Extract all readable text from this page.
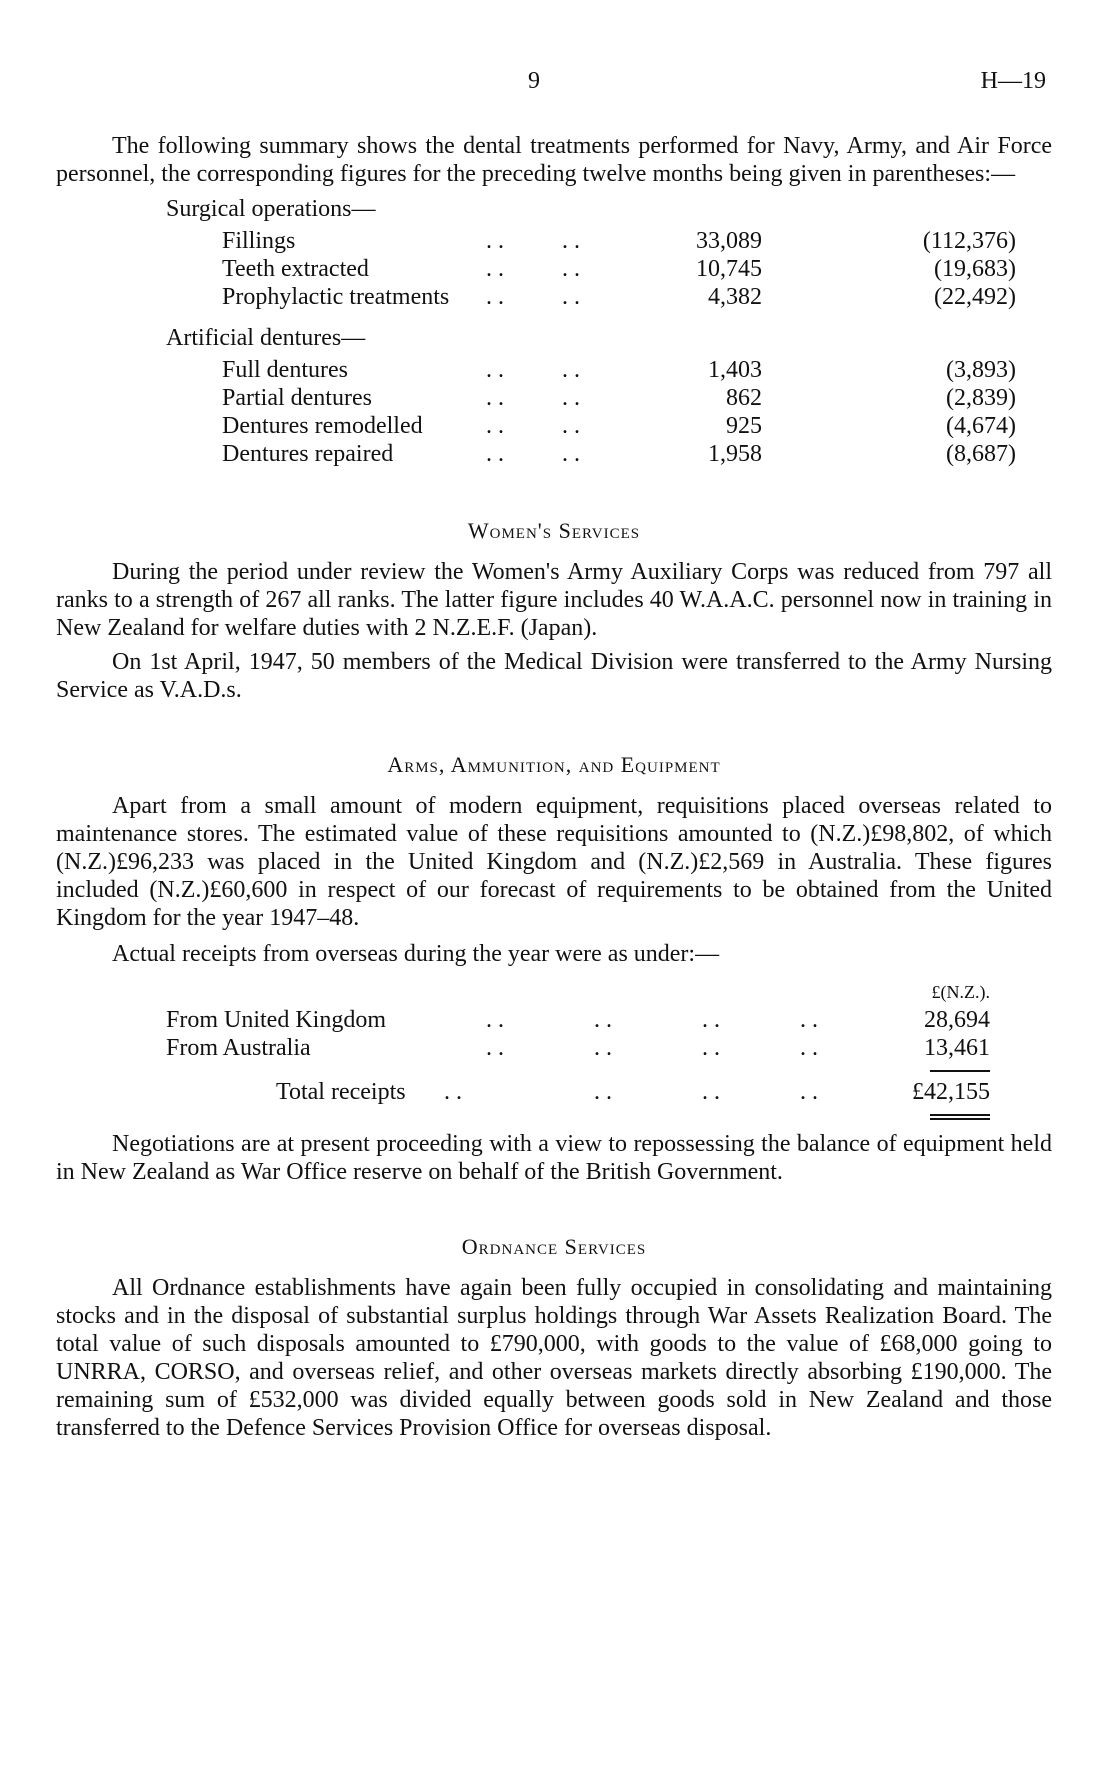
9	H—19

The following summary shows the dental treatments performed for Navy, Army, and Air Force personnel, the corresponding figures for the preceding twelve months being given in parentheses:—

Surgical operations—
Fillings	. . . .	33,089	(112,376)
Teeth extracted	. . . .	10,745	(19,683)
Prophylactic treatments . . . .	4,382	(22,492)
Artificial dentures—
Full dentures	. . . .	1,403	(3,893)
Partial dentures	. . . .	862	(2,839)
Dentures remodelled	. . . .	925	(4,674)
Dentures repaired	. . . .	1,958	(8,687)
Women's Services

During the period under review the Women's Army Auxiliary Corps was reduced from 797 all ranks to a strength of 267 all ranks. The latter figure includes 40 W.A.A.C. personnel now in training in New Zealand for welfare duties with 2 N.Z.E.F. (Japan).

On 1st April, 1947, 50 members of the Medical Division were transferred to the Army Nursing Service as V.A.D.s.

Arms, Ammunition, and Equipment

Apart from a small amount of modern equipment, requisitions placed overseas related to maintenance stores. The estimated value of these requisitions amounted to (N.Z.)£98,802, of which (N.Z.)£96,233 was placed in the United Kingdom and (N.Z.)£2,569 in Australia. These figures included (N.Z.)£60,600 in respect of our forecast of requirements to be obtained from the United Kingdom for the year 1947–48.

Actual receipts from overseas during the year were as under:—

£(N.Z.).
From United Kingdom	. .	. .	. .	. .	28,694
From Australia	. .	. .	. .	. .	13,461
Total receipts . .	. .	. .	. .	£42,155

Negotiations are at present proceeding with a view to repossessing the balance of equipment held in New Zealand as War Office reserve on behalf of the British Government.

Ordnance Services

All Ordnance establishments have again been fully occupied in consolidating and maintaining stocks and in the disposal of substantial surplus holdings through War Assets Realization Board. The total value of such disposals amounted to £790,000, with goods to the value of £68,000 going to UNRRA, CORSO, and overseas relief, and other overseas markets directly absorbing £190,000. The remaining sum of £532,000 was divided equally between goods sold in New Zealand and those transferred to the Defence Services Provision Office for overseas disposal.
